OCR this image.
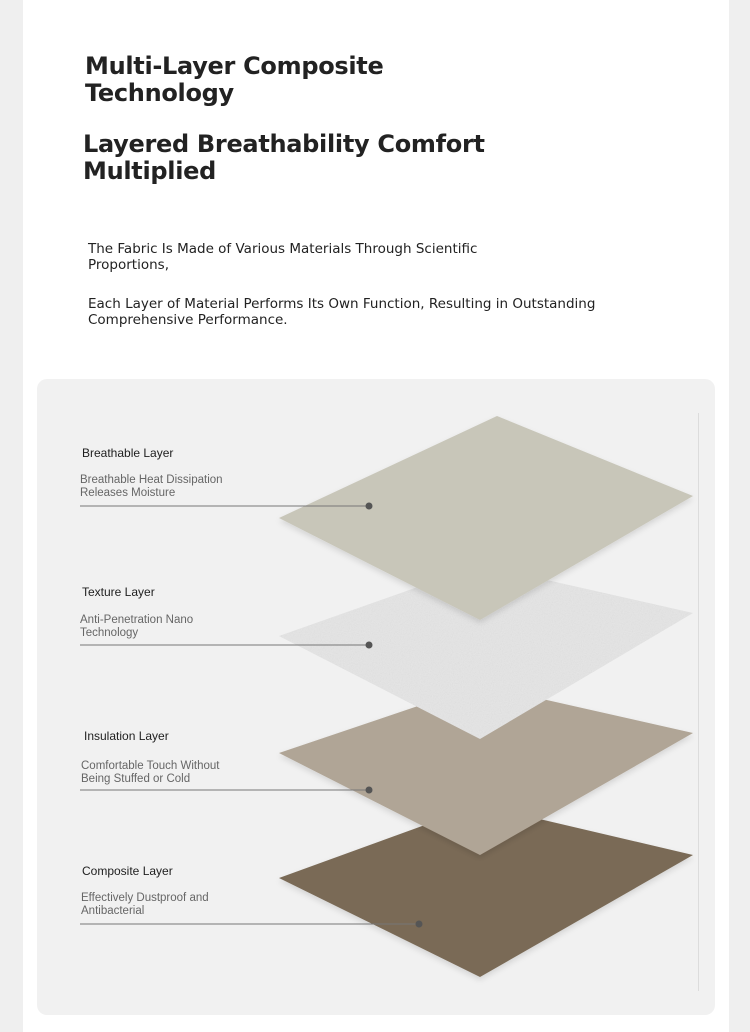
Multi-Layer Composite Technology
Layered Breathability Comfort Multiplied

The Fabric Is Made of Various Materials Through Scientific Proportions,

Each Layer of Material Performs Its Own Function, Resulting in Outstanding Comprehensive Performance.

Breathable Layer

Breathable Heat Dissipation Releases Moisture

Texture Layer

Anti-Penetration Nano Technology

Insulation Layer

Comfortable Touch Without Being Stuffed or Cold

Composite Layer

Effectively Dustproof and Antibacterial
